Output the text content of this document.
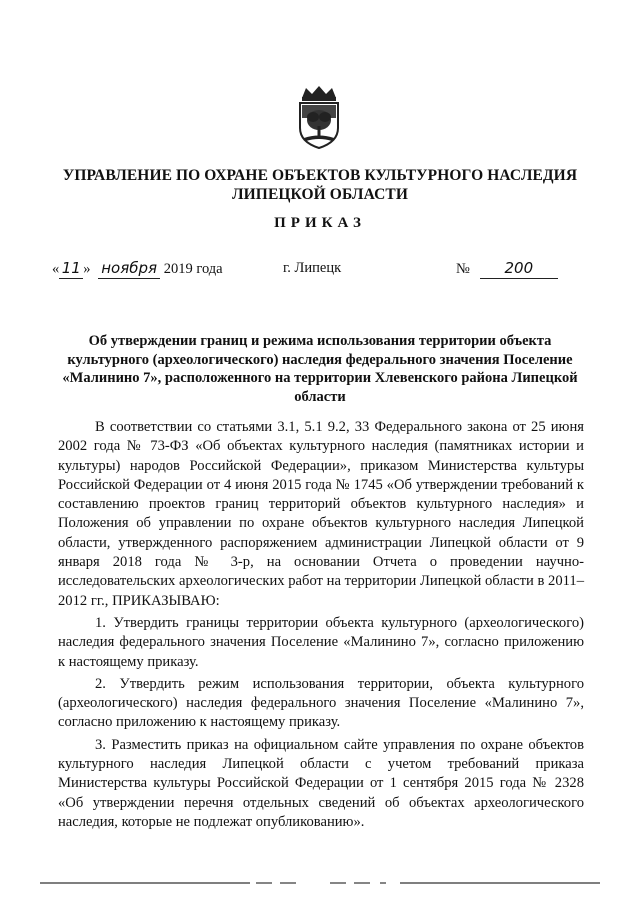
УПРАВЛЕНИЕ ПО ОХРАНЕ ОБЪЕКТОВ КУЛЬТУРНОГО НАСЛЕДИЯ
ЛИПЕЦКОЙ ОБЛАСТИ
ПРИКАЗ
« 11 » ноября 2019 года	г. Липецк	№ 200
Об утверждении границ и режима использования территории объекта культурного (археологического) наследия федерального значения Поселение «Малинино 7», расположенного на территории Хлевенского района Липецкой области

В соответствии со статьями 3.1, 5.1 9.2, 33 Федерального закона от 25 июня 2002 года № 73-ФЗ «Об объектах культурного наследия (памятниках истории и культуры) народов Российской Федерации», приказом Министерства культуры Российской Федерации от 4 июня 2015 года № 1745 «Об утверждении требований к составлению проектов границ территорий объектов культурного наследия» и Положения об управлении по охране объектов культурного наследия Липецкой области, утвержденного распоряжением администрации Липецкой области от 9 января 2018 года № 3-р, на основании Отчета о проведении научно-исследовательских археологических работ на территории Липецкой области в 2011–2012 гг., ПРИКАЗЫВАЮ:

1. Утвердить границы территории объекта культурного (археологического) наследия федерального значения Поселение «Малинино 7», согласно приложению к настоящему приказу.

2. Утвердить режим использования территории, объекта культурного (археологического) наследия федерального значения Поселение «Малинино 7», согласно приложению к настоящему приказу.

3. Разместить приказ на официальном сайте управления по охране объектов культурного наследия Липецкой области с учетом требований приказа Министерства культуры Российской Федерации от 1 сентября 2015 года № 2328 «Об утверждении перечня отдельных сведений об объектах археологического наследия, которые не подлежат опубликованию».
